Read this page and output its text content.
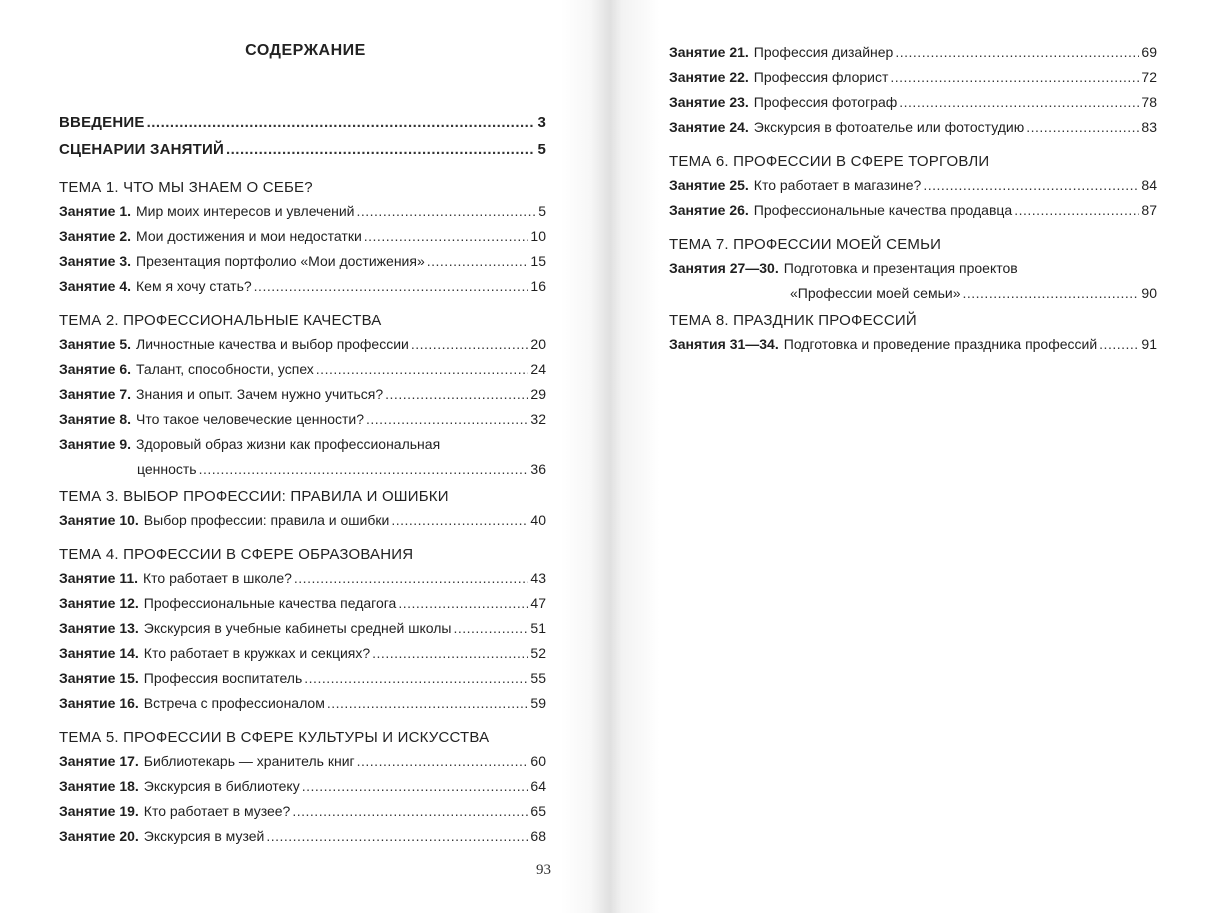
СОДЕРЖАНИЕ
ВВЕДЕНИЕ .....	3
СЦЕНАРИИ ЗАНЯТИЙ .....	5
ТЕМА 1. ЧТО МЫ ЗНАЕМ О СЕБЕ?
Занятие 1. Мир моих интересов и увлечений .....	5
Занятие 2. Мои достижения и мои недостатки .....	10
Занятие 3. Презентация портфолио «Мои достижения» .....	15
Занятие 4. Кем я хочу стать? .....	16
ТЕМА 2. ПРОФЕССИОНАЛЬНЫЕ КАЧЕСТВА
Занятие 5. Личностные качества и выбор профессии .....	20
Занятие 6. Талант, способности, успех .....	24
Занятие 7. Знания и опыт. Зачем нужно учиться? .....	29
Занятие 8. Что такое человеческие ценности? .....	32
Занятие 9. Здоровый образ жизни как профессиональная
ценность .....	36
ТЕМА 3. ВЫБОР ПРОФЕССИИ: ПРАВИЛА И ОШИБКИ
Занятие 10. Выбор профессии: правила и ошибки .....	40
ТЕМА 4. ПРОФЕССИИ В СФЕРЕ ОБРАЗОВАНИЯ
Занятие 11. Кто работает в школе? .....	43
Занятие 12. Профессиональные качества педагога .....	47
Занятие 13. Экскурсия в учебные кабинеты средней школы .....	51
Занятие 14. Кто работает в кружках и секциях? .....	52
Занятие 15. Профессия воспитатель .....	55
Занятие 16. Встреча с профессионалом .....	59
ТЕМА 5. ПРОФЕССИИ В СФЕРЕ КУЛЬТУРЫ И ИСКУССТВА
Занятие 17. Библиотекарь — хранитель книг .....	60
Занятие 18. Экскурсия в библиотеку .....	64
Занятие 19. Кто работает в музее? .....	65
Занятие 20. Экскурсия в музей .....	68
93
Занятие 21. Профессия дизайнер .....	69
Занятие 22. Профессия флорист .....	72
Занятие 23. Профессия фотограф .....	78
Занятие 24. Экскурсия в фотоателье или фотостудию .....	83
ТЕМА 6. ПРОФЕССИИ В СФЕРЕ ТОРГОВЛИ
Занятие 25. Кто работает в магазине? .....	84
Занятие 26. Профессиональные качества продавца .....	87
ТЕМА 7. ПРОФЕССИИ МОЕЙ СЕМЬИ
Занятия 27—30. Подготовка и презентация проектов
«Профессии моей семьи» .....	90
ТЕМА 8. ПРАЗДНИК ПРОФЕССИЙ
Занятия 31—34. Подготовка и проведение праздника профессий .....	91
